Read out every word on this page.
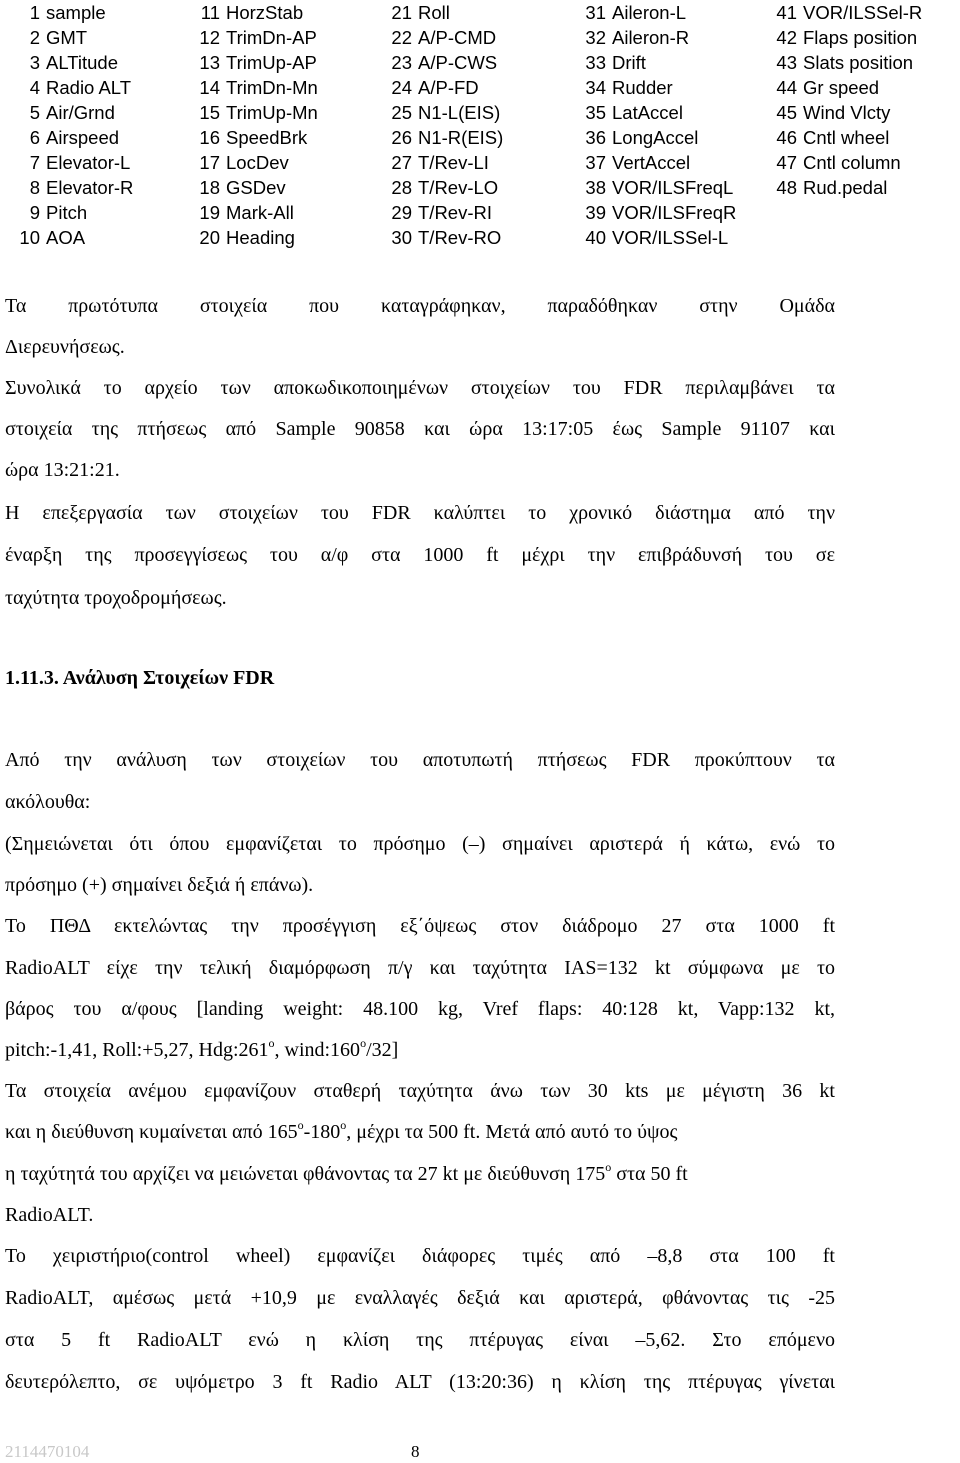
1 sample
2 GMT
3 ALTitude
4 Radio ALT
5 Air/Grnd
6 Airspeed
7 Elevator-L
8 Elevator-R
9 Pitch
10 AOA
11 HorzStab
12 TrimDn-AP
13 TrimUp-AP
14 TrimDn-Mn
15 TrimUp-Mn
16 SpeedBrk
17 LocDev
18 GSDev
19 Mark-All
20 Heading
21 Roll
22 A/P-CMD
23 A/P-CWS
24 A/P-FD
25 N1-L(EIS)
26 N1-R(EIS)
27 T/Rev-LI
28 T/Rev-LO
29 T/Rev-RI
30 T/Rev-RO
31 Aileron-L
32 Aileron-R
33 Drift
34 Rudder
35 LatAccel
36 LongAccel
37 VertAccel
38 VOR/ILSFreqL
39 VOR/ILSFreqR
40 VOR/ILSSel-L
41 VOR/ILSSel-R
42 Flaps position
43 Slats position
44 Gr speed
45 Wind Vlcty
46 Cntl wheel
47 Cntl column
48 Rud.pedal
Τα πρωτότυπα στοιχεία που καταγράφηκαν, παραδόθηκαν στην Ομάδα
Διερευνήσεως.
Συνολικά το αρχείο των αποκωδικοποιημένων στοιχείων του FDR περιλαμβάνει τα
στοιχεία της πτήσεως από Sample 90858 και ώρα 13:17:05 έως Sample 91107 και
ώρα 13:21:21.
Η επεξεργασία των στοιχείων του FDR καλύπτει το χρονικό διάστημα από την
έναρξη της προσεγγίσεως του α/φ στα 1000 ft μέχρι την επιβράδυνσή του σε
ταχύτητα τροχοδρομήσεως.
1.11.3. Ανάλυση Στοιχείων FDR
Από την ανάλυση των στοιχείων του αποτυπωτή πτήσεως FDR προκύπτουν τα
ακόλουθα:
(Σημειώνεται ότι όπου εμφανίζεται το πρόσημο (–) σημαίνει αριστερά ή κάτω, ενώ το
πρόσημο (+) σημαίνει δεξιά ή επάνω).
Το ΠΘΔ εκτελώντας την προσέγγιση εξ΄όψεως στον διάδρομο 27 στα 1000 ft
RadioALT είχε την τελική διαμόρφωση π/γ και ταχύτητα IAS=132 kt σύμφωνα με το
βάρος του α/φους [landing weight: 48.100 kg, Vref flaps: 40:128 kt, Vapp:132 kt,
pitch:-1,41, Roll:+5,27, Hdg:261$^o$, wind:160$^o$/32]
Τα στοιχεία ανέμου εμφανίζουν σταθερή ταχύτητα άνω των 30 kts με μέγιστη 36 kt
και η διεύθυνση κυμαίνεται από 165$^o$-180$^o$, μέχρι τα 500 ft. Μετά από αυτό το ύψος
η ταχύτητά του αρχίζει να μειώνεται φθάνοντας τα 27 kt με διεύθυνση 175$^o$ στα 50 ft
RadioALT.
Το χειριστήριο(control wheel) εμφανίζει διάφορες τιμές από –8,8 στα 100 ft
RadioALT, αμέσως μετά +10,9 με εναλλαγές δεξιά και αριστερά, φθάνοντας τις -25
στα 5 ft RadioALT ενώ η κλίση της πτέρυγας είναι –5,62. Στο επόμενο
δευτερόλεπτο, σε υψόμετρο 3 ft Radio ALT (13:20:36) η κλίση της πτέρυγας γίνεται
2114470104	8
